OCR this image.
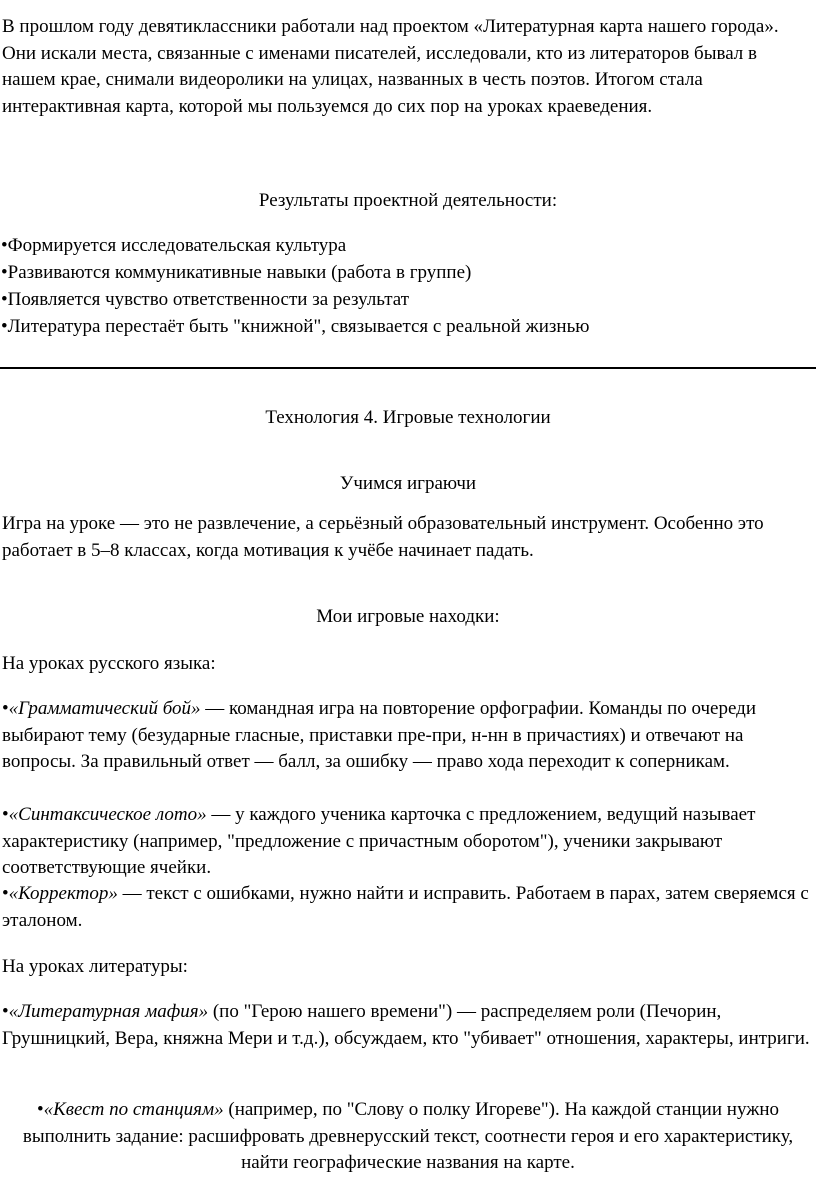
В прошлом году девятиклассники работали над проектом «Литературная карта нашего города». Они искали места, связанные с именами писателей, исследовали, кто из литераторов бывал в нашем крае, снимали видеоролики на улицах, названных в честь поэтов. Итогом стала интерактивная карта, которой мы пользуемся до сих пор на уроках краеведения.

Результаты проектной деятельности:
•Формируется исследовательская культура
•Развиваются коммуникативные навыки (работа в группе)
•Появляется чувство ответственности за результат
•Литература перестаёт быть "книжной", связывается с реальной жизнью
Технология 4. Игровые технологии
Учимся играючи

Игра на уроке — это не развлечение, а серьёзный образовательный инструмент. Особенно это работает в 5–8 классах, когда мотивация к учёбе начинает падать.

Мои игровые находки:
На уроках русского языка:

•«Грамматический бой» — командная игра на повторение орфографии. Команды по очереди выбирают тему (безударные гласные, приставки пре-при, н-нн в причастиях) и отвечают на вопросы. За правильный ответ — балл, за ошибку — право хода переходит к соперникам.

•«Синтаксическое лото» — у каждого ученика карточка с предложением, ведущий называет характеристику (например, "предложение с причастным оборотом"), ученики закрывают соответствующие ячейки.

•«Корректор» — текст с ошибками, нужно найти и исправить. Работаем в парах, затем сверяемся с эталоном.

На уроках литературы:

•«Литературная мафия» (по "Герою нашего времени") — распределяем роли (Печорин, Грушницкий, Вера, княжна Мери и т.д.), обсуждаем, кто "убивает" отношения, характеры, интриги.

•«Квест по станциям» (например, по "Слову о полку Игореве"). На каждой станции нужно выполнить задание: расшифровать древнерусский текст, соотнести героя и его характеристику, найти географические названия на карте.
